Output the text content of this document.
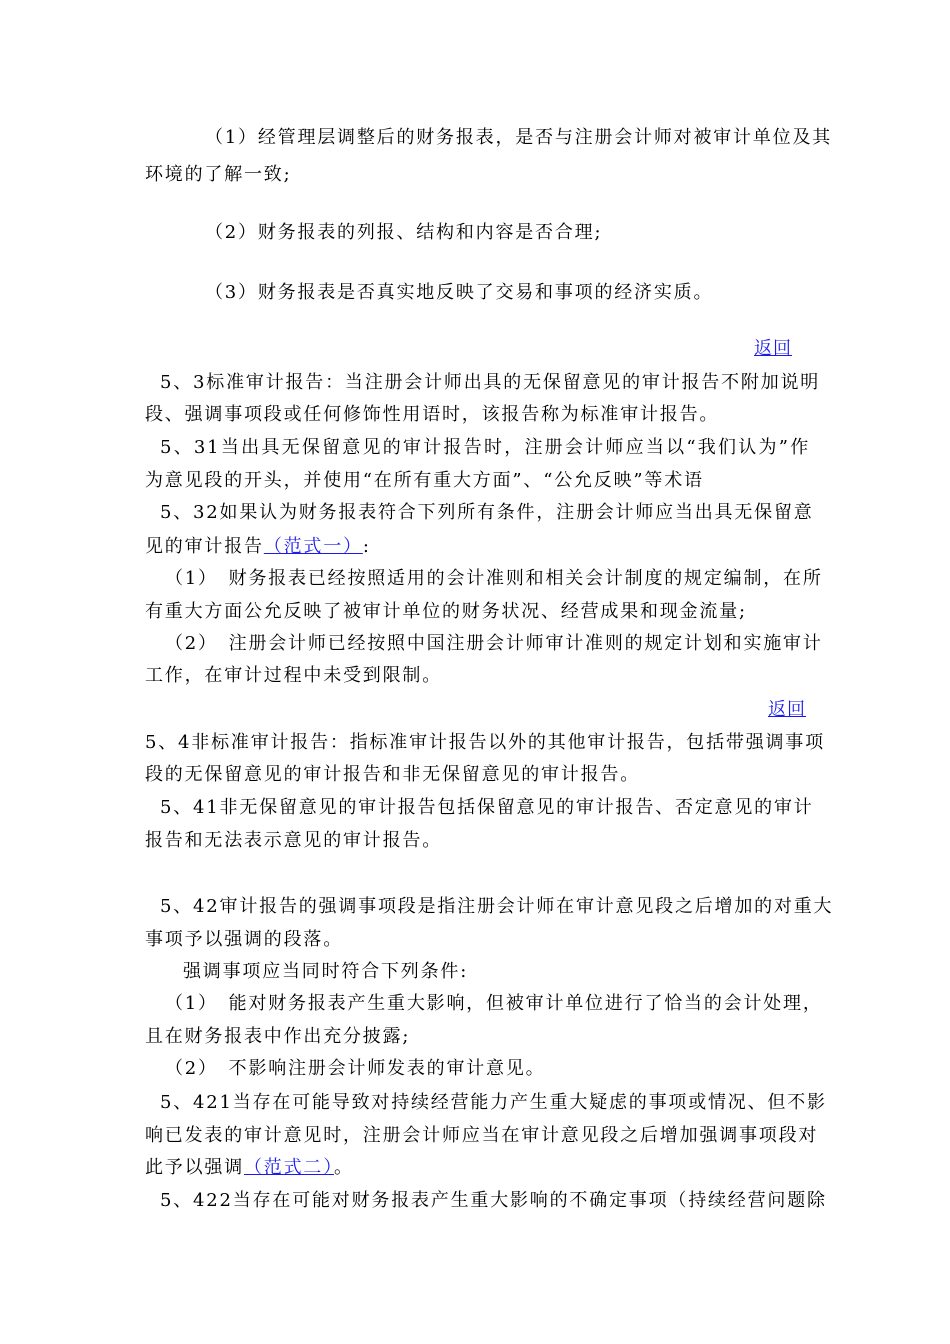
（1）经管理层调整后的财务报表，是否与注册会计师对被审计单位及其
环境的了解一致;
（2）财务报表的列报、结构和内容是否合理;
（3）财务报表是否真实地反映了交易和事项的经济实质。
返回
5、3标准审计报告：当注册会计师出具的无保留意见的审计报告不附加说明
段、强调事项段或任何修饰性用语时，该报告称为标准审计报告。
5、31当出具无保留意见的审计报告时，注册会计师应当以“我们认为”作
为意见段的开头，并使用“在所有重大方面”、“公允反映”等术语
5、32如果认为财务报表符合下列所有条件，注册会计师应当出具无保留意
见的审计报告（范式一）:
（1）　财务报表已经按照适用的会计准则和相关会计制度的规定编制，在所
有重大方面公允反映了被审计单位的财务状况、经营成果和现金流量;
（2）　注册会计师已经按照中国注册会计师审计准则的规定计划和实施审计
工作，在审计过程中未受到限制。
返回
5、4非标准审计报告：指标准审计报告以外的其他审计报告，包括带强调事项
段的无保留意见的审计报告和非无保留意见的审计报告。
5、41非无保留意见的审计报告包括保留意见的审计报告、否定意见的审计
报告和无法表示意见的审计报告。
5、42审计报告的强调事项段是指注册会计师在审计意见段之后增加的对重大
事项予以强调的段落。
强调事项应当同时符合下列条件:
（1）　能对财务报表产生重大影响，但被审计单位进行了恰当的会计处理，
且在财务报表中作出充分披露;
（2）　不影响注册会计师发表的审计意见。
5、421当存在可能导致对持续经营能力产生重大疑虑的事项或情况、但不影
响已发表的审计意见时，注册会计师应当在审计意见段之后增加强调事项段对
此予以强调（范式二）。
5、422当存在可能对财务报表产生重大影响的不确定事项（持续经营问题除
